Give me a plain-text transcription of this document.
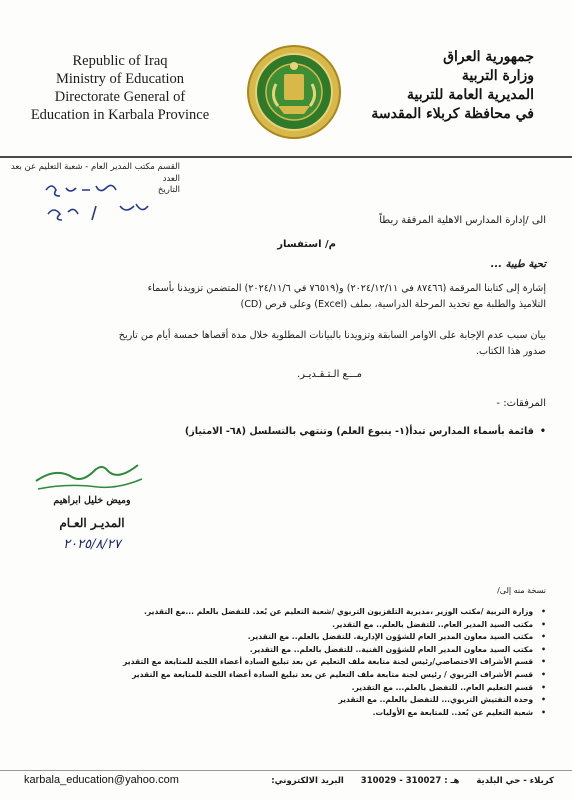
Republic of Iraq
Ministry of Education
Directorate General of
Education in Karbala Province
جمهورية العراق
وزارة التربية
المديرية العامة للتربية
في محافظة كربلاء المقدسة
القسم مكتب المدير العام - شعبة التعليم عن بعد
العدد
التاريخ
الى /إدارة المدارس الاهلية المرفقة ربطاً
م/ استفسار
تحية طيبة ...
إشارة إلى كتابنا المرقمة (٨٧٤٦٦ في ٢٠٢٤/١٢/١١) و(٧٦٥١٩ في ٢٠٢٤/١١/٦) المتضمن تزويدنا بأسماء
التلاميذ والطلبة مع تحديد المرحلة الدراسية، بملف (Excel) وعلى قرص (CD)
بيان سبب عدم الإجابة على الاوامر السابقة وتزويدنا بالبيانات المطلوبة خلال مدة أقصاها خمسة أيام من تاريخ
صدور هذا الكتاب.
مـــع الـتـقـديـر.
المرفقات: -
• قائمة بأسماء المدارس تبدأ(١- ينبوع العلم) وتنتهي بالتسلسل (٦٨- الامتياز)
وميض خليل ابراهيم
المديـر العـام
٢٠٢٥/٨/٢٧
نسخة منه إلى/
• وزارة التربية /مكتب الوزير ،مديرية التلفزيون التربوي /شعبة التعليم عن بُعد. للتفضل بالعلم ...مع التقدير.
• مكتب السيد المدير العام.. للتفضل بالعلم.. مع التقدير.
• مكتب السيد معاون المدير العام للشؤون الإدارية. للتفضل بالعلم.. مع التقدير.
• مكتب السيد معاون المدير العام للشؤون الفنية.. للتفضل بالعلم.. مع التقدير.
• قسم الأشراف الاختصاصي/رئيس لجنة متابعة ملف التعليم عن بعد تبليغ السادة أعضاء اللجنة للمتابعة مع التقدير
• قسم الأشراف التربوي / رئيس لجنة متابعة ملف التعليم عن بعد تبليغ السادة أعضاء اللجنة للمتابعة مع التقدير
• قسم التعليم العام.. للتفضل بالعلم... مع التقدير.
• وحدة التفتيش التربوي... للتفضل بالعلم.. مع التقدير
• شعبة التعليم عن بُعد.. للمتابعة مع الأوليات.
karbala_education@yahoo.com	كربلاء - حي البلدية هـ : 310027 - 310029 البريد الالكتروني:
